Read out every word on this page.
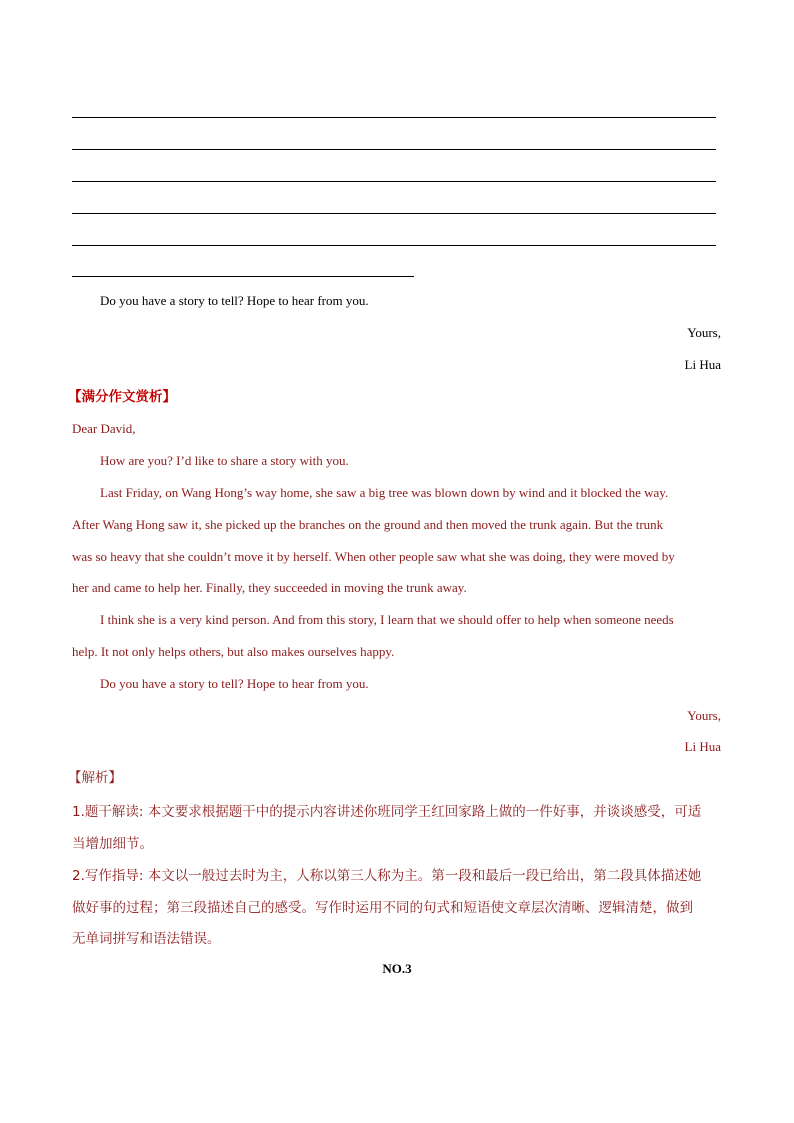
Do you have a story to tell? Hope to hear from you.
Yours,
Li Hua
【满分作文赏析】
Dear David,
How are you? I’d like to share a story with you.
Last Friday, on Wang Hong’s way home, she saw a big tree was blown down by wind and it blocked the way.
After Wang Hong saw it, she picked up the branches on the ground and then moved the trunk again. But the trunk
was so heavy that she couldn’t move it by herself. When other people saw what she was doing, they were moved by
her and came to help her. Finally, they succeeded in moving the trunk away.
I think she is a very kind person. And from this story, I learn that we should offer to help when someone needs
help. It not only helps others, but also makes ourselves happy.
Do you have a story to tell? Hope to hear from you.
Yours,
Li Hua
【解析】
1.题干解读: 本文要求根据题干中的提示内容讲述你班同学王红回家路上做的一件好事，并谈谈感受，可适
当增加细节。
2.写作指导: 本文以一般过去时为主，人称以第三人称为主。第一段和最后一段已给出，第二段具体描述她
做好事的过程；第三段描述自己的感受。写作时运用不同的句式和短语使文章层次清晰、逻辑清楚，做到
无单词拼写和语法错误。
NO.3
